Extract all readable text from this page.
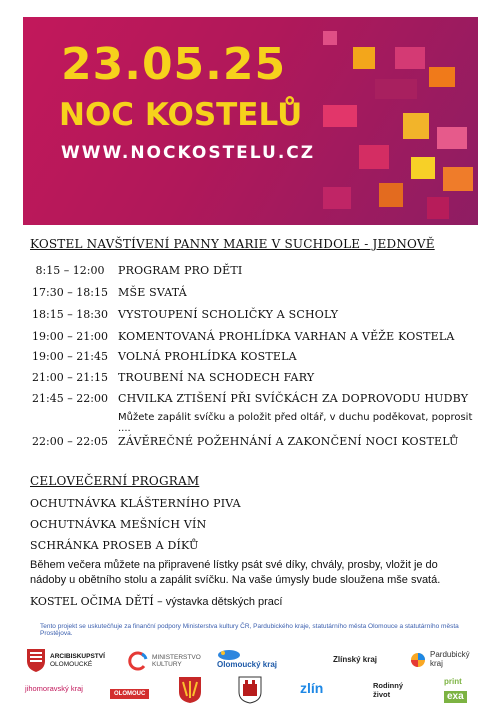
23.05.25
NOC KOSTELŮ
WWW.NOCKOSTELU.CZ
KOSTEL NAVŠTÍVENÍ PANNY MARIE V SUCHDOLE - JEDNOVĚ
8:15 – 12:00	PROGRAM PRO DĚTI
17:30 – 18:15 MŠE SVATÁ
18:15 – 18:30 VYSTOUPENÍ SCHOLIČKY A SCHOLY
19:00 – 21:00 KOMENTOVANÁ PROHLÍDKA VARHAN A VĚŽE KOSTELA
19:00 – 21:45 VOLNÁ PROHLÍDKA KOSTELA
21:00 – 21:15 TROUBENÍ NA SCHODECH FARY
21:45 – 22:00 CHVILKA ZTIŠENÍ PŘI SVÍČKÁCH ZA DOPROVODU HUDBY
Můžete zapálit svíčku a položit před oltář, v duchu poděkovat, poprosit ....
22:00 – 22:05 ZÁVĚREČNÉ POŽEHNÁNÍ A ZAKONČENÍ NOCI KOSTELŮ
CELOVEČERNÍ PROGRAM
OCHUTNÁVKA KLÁŠTERNÍHO PIVA
OCHUTNÁVKA MEŠNÍCH VÍN
SCHRÁNKA PROSEB A DÍKŮ
Během večera můžete na připravené lístky psát své díky, chvály, prosby, vložit je do nádoby u obětního stolu a zapálit svíčku. Na vaše úmysly bude sloužena mše svatá.
KOSTEL OČIMA DĚTÍ – výstavka dětských prací
Tento projekt se uskutečňuje za finanční podpory Ministerstva kultury ČR, Pardubického kraje, statutárního města Olomouce a statutárního města Prostějova.
ARCIBISKUPSTVÍ
OLOMOUCKÉ
MINISTERSTVO
KULTURY	Olomoucký kraj
Zlínský kraj
Pardubický
kraj
jihomoravský kraj
OLOMOUC	zlín	Rodinný
život
print
exa
